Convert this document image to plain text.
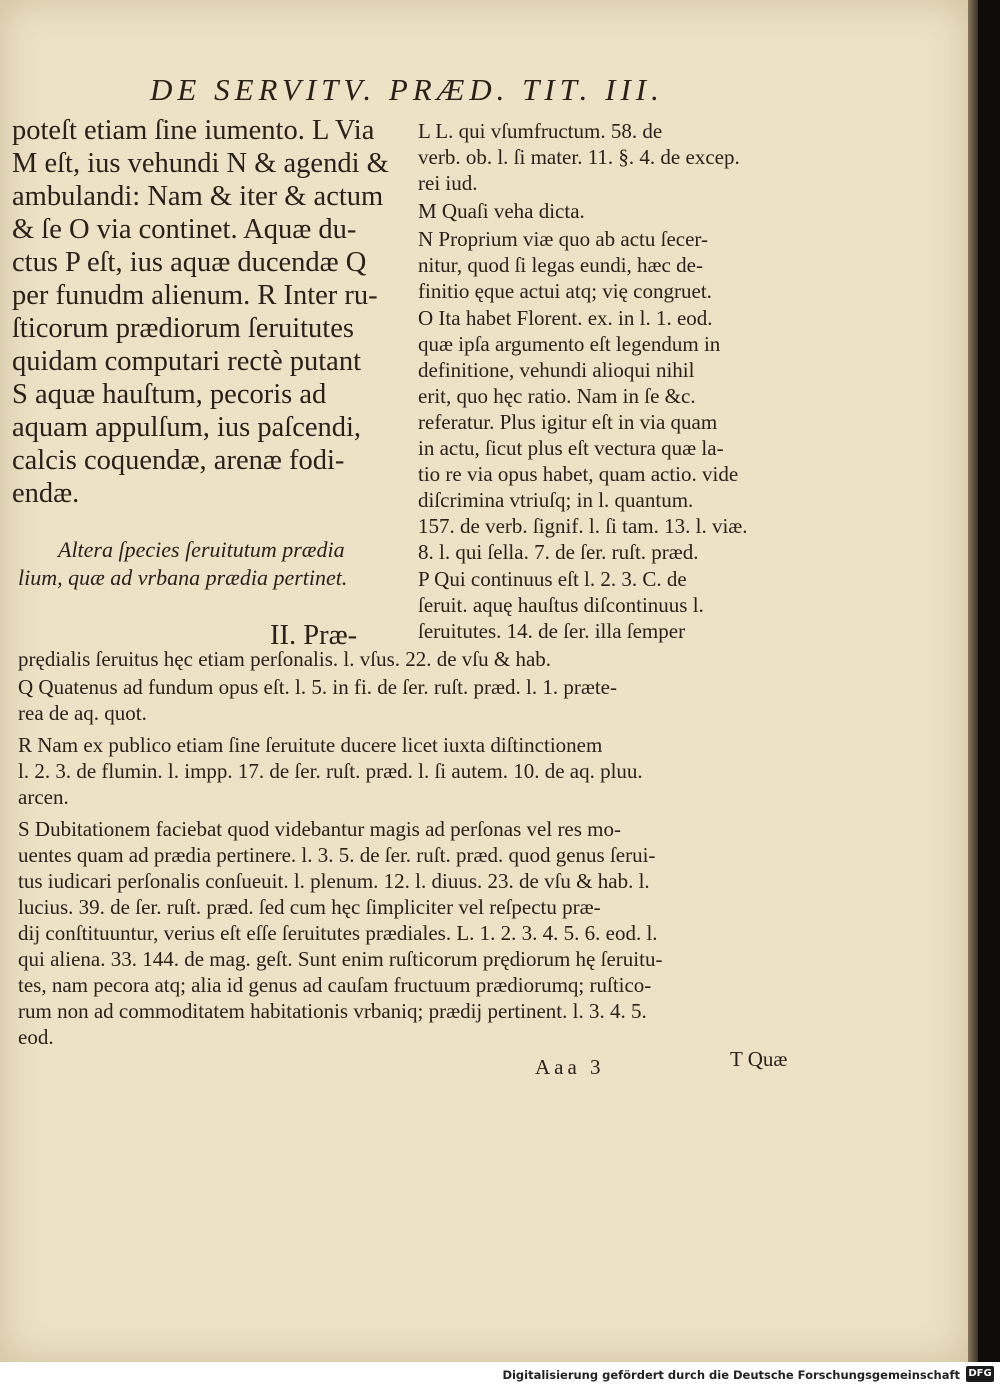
DE SERVITV. PRÆD. TIT. III.
poteſt etiam ſine iumento. L Via
M eſt, ius vehundi N & agendi &
ambulandi: Nam & iter & actum
& ſe O via continet. Aquæ du-
ctus P eſt, ius aquæ ducendæ Q
per funudm alienum. R Inter ru-
ſticorum prædiorum ſeruitutes
quidam computari rectè putant
S aquæ hauſtum, pecoris ad
aquam appulſum, ius paſcendi,
calcis coquendæ, arenæ fodi-
endæ.
Altera ſpecies ſeruitutum prædia
lium, quæ ad vrbana prædia pertinet.
II. Præ-
L L. qui vſumfructum. 58. de
verb. ob. l. ſi mater. 11. §. 4. de excep.
rei iud.
M Quaſi veha dicta.
N Proprium viæ quo ab actu ſecer-
nitur, quod ſi legas eundi, hæc de-
finitio ęque actui atq; vię congruet.
O Ita habet Florent. ex. in l. 1. eod.
quæ ipſa argumento eſt legendum in
definitione, vehundi alioqui nihil
erit, quo hęc ratio. Nam in ſe &c.
referatur. Plus igitur eſt in via quam
in actu, ſicut plus eſt vectura quæ la-
tio re via opus habet, quam actio. vide
diſcrimina vtriuſq; in l. quantum.
157. de verb. ſignif. l. ſi tam. 13. l. viæ.
8. l. qui ſella. 7. de ſer. ruſt. præd.
P Qui continuus eſt l. 2. 3. C. de
ſeruit. aquę hauſtus diſcontinuus l.
ſeruitutes. 14. de ſer. illa ſemper
prędialis ſeruitus hęc etiam perſonalis. l. vſus. 22. de vſu & hab.
Q Quatenus ad fundum opus eſt. l. 5. in fi. de ſer. ruſt. præd. l. 1. præte-
rea de aq. quot.
R Nam ex publico etiam ſine ſeruitute ducere licet iuxta diſtinctionem
l. 2. 3. de flumin. l. impp. 17. de ſer. ruſt. præd. l. ſi autem. 10. de aq. pluu.
arcen.
S Dubitationem faciebat quod videbantur magis ad perſonas vel res mo-
uentes quam ad prædia pertinere. l. 3. 5. de ſer. ruſt. præd. quod genus ſerui-
tus iudicari perſonalis conſueuit. l. plenum. 12. l. diuus. 23. de vſu & hab. l.
lucius. 39. de ſer. ruſt. præd. ſed cum hęc ſimpliciter vel reſpectu præ-
dij conſtituuntur, verius eſt eſſe ſeruitutes prædiales. L. 1. 2. 3. 4. 5. 6. eod. l.
qui aliena. 33. 144. de mag. geſt. Sunt enim ruſticorum prędiorum hę ſeruitu-
tes, nam pecora atq; alia id genus ad cauſam fructuum prædiorumq; ruſtico-
rum non ad commoditatem habitationis vrbaniq; prædij pertinent. l. 3. 4. 5.
eod.
Aaa 3	T Quæ
Digitalisierung gefördert durch die Deutsche Forschungsgemeinschaft DFG
